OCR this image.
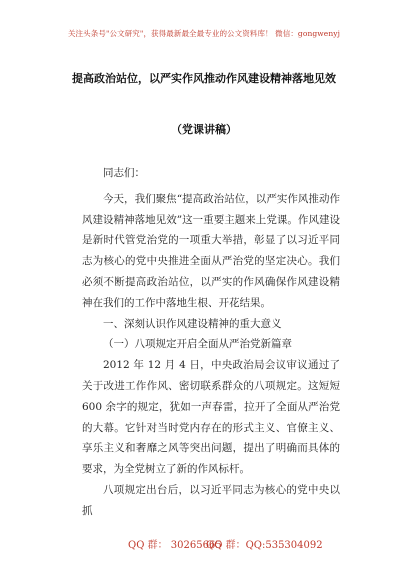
关注头条号"公文研究"，获得最新最全最专业的公文资料库！ 微信：gongwenyj
提高政治站位，以严实作风推动作风建设精神落地见效
（党课讲稿）

同志们：

今天，我们聚焦“提高政治站位，以严实作风推动作风建设精神落地见效”这一重要主题来上党课。作风建设是新时代管党治党的一项重大举措，彰显了以习近平同志为核心的党中央推进全面从严治党的坚定决心。我们必须不断提高政治站位，以严实的作风确保作风建设精神在我们的工作中落地生根、开花结果。

一、深刻认识作风建设精神的重大意义

（一）八项规定开启全面从严治党新篇章

2012 年 12 月 4 日，中央政治局会议审议通过了关于改进工作作风、密切联系群众的八项规定。这短短 600 余字的规定，犹如一声春雷，拉开了全面从严治党的大幕。它针对当时党内存在的形式主义、官僚主义、享乐主义和奢靡之风等突出问题，提出了明确而具体的要求，为全党树立了新的作风标杆。

八项规定出台后，以习近平同志为核心的党中央以抓

QQ 群： 30265665
QQ 群：QQ:535304092
